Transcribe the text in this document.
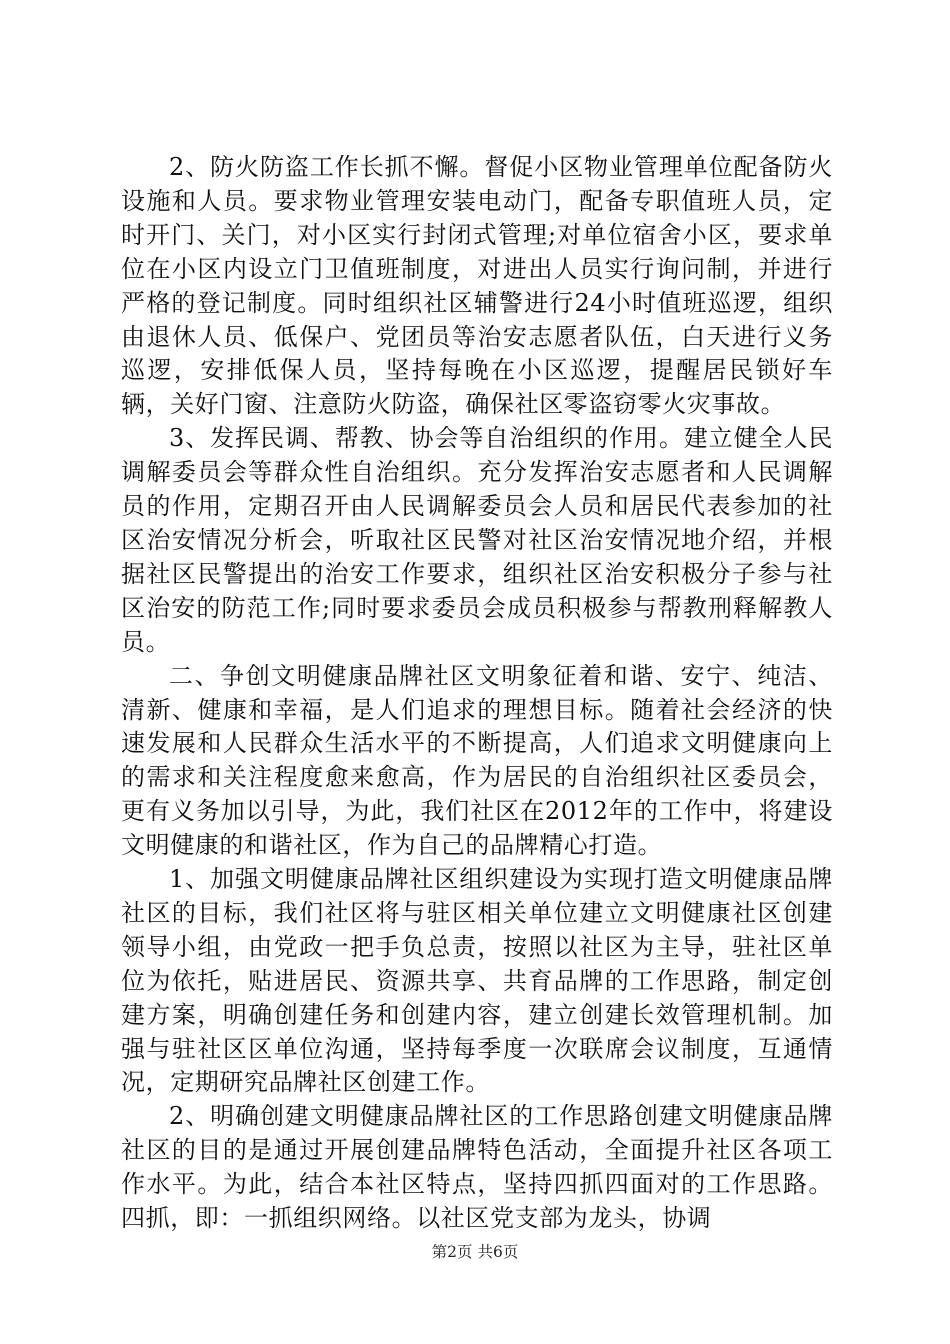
2、防火防盗工作长抓不懈。督促小区物业管理单位配备防火设施和人员。要求物业管理安装电动门，配备专职值班人员，定时开门、关门，对小区实行封闭式管理;对单位宿舍小区，要求单位在小区内设立门卫值班制度，对进出人员实行询问制，并进行严格的登记制度。同时组织社区辅警进行24小时值班巡逻，组织由退休人员、低保户、党团员等治安志愿者队伍，白天进行义务巡逻，安排低保人员，坚持每晚在小区巡逻，提醒居民锁好车辆，关好门窗、注意防火防盗，确保社区零盗窃零火灾事故。

3、发挥民调、帮教、协会等自治组织的作用。建立健全人民调解委员会等群众性自治组织。充分发挥治安志愿者和人民调解员的作用，定期召开由人民调解委员会人员和居民代表参加的社区治安情况分析会，听取社区民警对社区治安情况地介绍，并根据社区民警提出的治安工作要求，组织社区治安积极分子参与社区治安的防范工作;同时要求委员会成员积极参与帮教刑释解教人员。

二、争创文明健康品牌社区文明象征着和谐、安宁、纯洁、清新、健康和幸福，是人们追求的理想目标。随着社会经济的快速发展和人民群众生活水平的不断提高，人们追求文明健康向上的需求和关注程度愈来愈高，作为居民的自治组织社区委员会，更有义务加以引导，为此，我们社区在2012年的工作中，将建设文明健康的和谐社区，作为自己的品牌精心打造。

1、加强文明健康品牌社区组织建设为实现打造文明健康品牌社区的目标，我们社区将与驻区相关单位建立文明健康社区创建领导小组，由党政一把手负总责，按照以社区为主导，驻社区单位为依托，贴进居民、资源共享、共育品牌的工作思路，制定创建方案，明确创建任务和创建内容，建立创建长效管理机制。加强与驻社区区单位沟通，坚持每季度一次联席会议制度，互通情况，定期研究品牌社区创建工作。

2、明确创建文明健康品牌社区的工作思路创建文明健康品牌社区的目的是通过开展创建品牌特色活动，全面提升社区各项工作水平。为此，结合本社区特点，坚持四抓四面对的工作思路。四抓，即：一抓组织网络。以社区党支部为龙头，协调

第2页 共6页
